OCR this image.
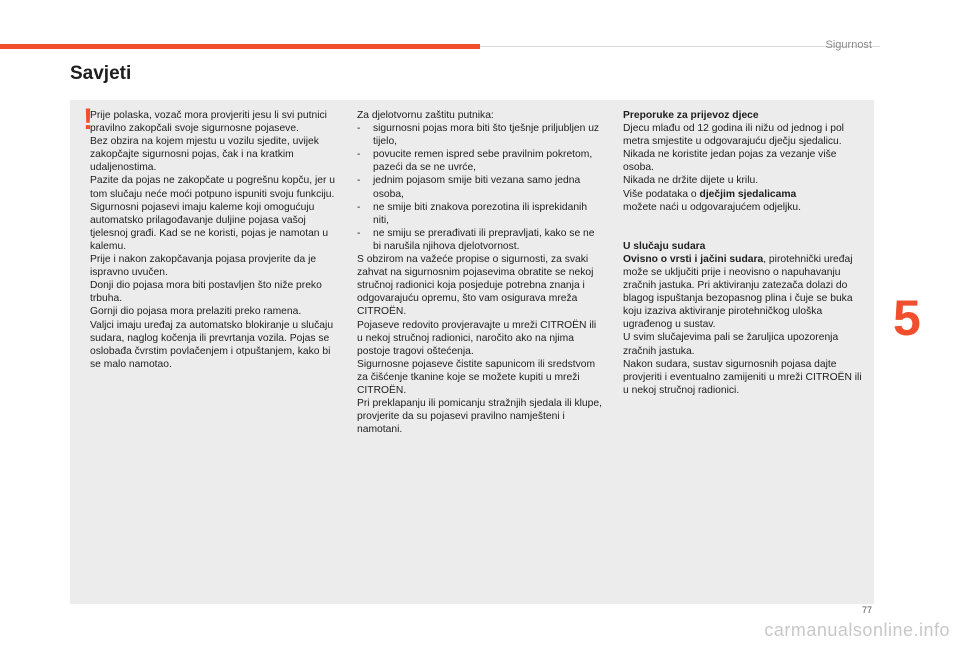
Sigurnost
Savjeti
!

Prije polaska, vozač mora provjeriti jesu li svi putnici pravilno zakopčali svoje sigurnosne pojaseve.

Bez obzira na kojem mjestu u vozilu sjedite, uvijek zakopčajte sigurnosni pojas, čak i na kratkim udaljenostima.

Pazite da pojas ne zakopčate u pogrešnu kopču, jer u tom slučaju neće moći potpuno ispuniti svoju funkciju.

Sigurnosni pojasevi imaju kaleme koji omogućuju automatsko prilagođavanje duljine pojasa vašoj tjelesnoj građi. Kad se ne koristi, pojas je namotan u kalemu.

Prije i nakon zakopčavanja pojasa provjerite da je ispravno uvučen.

Donji dio pojasa mora biti postavljen što niže preko trbuha.

Gornji dio pojasa mora prelaziti preko ramena.

Valjci imaju uređaj za automatsko blokiranje u slučaju sudara, naglog kočenja ili prevrtanja vozila. Pojas se oslobađa čvrstim povlačenjem i otpuštanjem, kako bi se malo namotao.

Za djelotvornu zaštitu putnika:

- sigurnosni pojas mora biti što tješnje priljubljen uz tijelo,
- povucite remen ispred sebe pravilnim pokretom, pazeći da se ne uvrće,
- jednim pojasom smije biti vezana samo jedna osoba,
- ne smije biti znakova porezotina ili isprekidanih niti,
- ne smiju se prerađivati ili prepravljati, kako se ne bi narušila njihova djelotvornost.

S obzirom na važeće propise o sigurnosti, za svaki zahvat na sigurnosnim pojasevima obratite se nekoj stručnoj radionici koja posjeduje potrebna znanja i odgovarajuću opremu, što vam osigurava mreža CITROËN.

Pojaseve redovito provjeravajte u mreži CITROËN ili u nekoj stručnoj radionici, naročito ako na njima postoje tragovi oštećenja.

Sigurnosne pojaseve čistite sapunicom ili sredstvom za čišćenje tkanine koje se možete kupiti u mreži CITROËN.

Pri preklapanju ili pomicanju stražnjih sjedala ili klupe, provjerite da su pojasevi pravilno namješteni i namotani.

Preporuke za prijevoz djece

Djecu mlađu od 12 godina ili nižu od jednog i pol metra smjestite u odgovarajuću dječju sjedalicu.

Nikada ne koristite jedan pojas za vezanje više osoba.

Nikada ne držite dijete u krilu.

Više podataka o dječjim sjedalicama
možete naći u odgovarajućem odjeljku.

U slučaju sudara

Ovisno o vrsti i jačini sudara, pirotehnički uređaj može se uključiti prije i neovisno o napuhavanju zračnih jastuka. Pri aktiviranju zatezača dolazi do blagog ispuštanja bezopasnog plina i čuje se buka koju izaziva aktiviranje pirotehničkog uloška ugrađenog u sustav.

U svim slučajevima pali se žaruljica upozorenja zračnih jastuka.

Nakon sudara, sustav sigurnosnih pojasa dajte provjeriti i eventualno zamijeniti u mreži CITROËN ili u nekoj stručnoj radionici.

5
77
carmanualsonline.info
